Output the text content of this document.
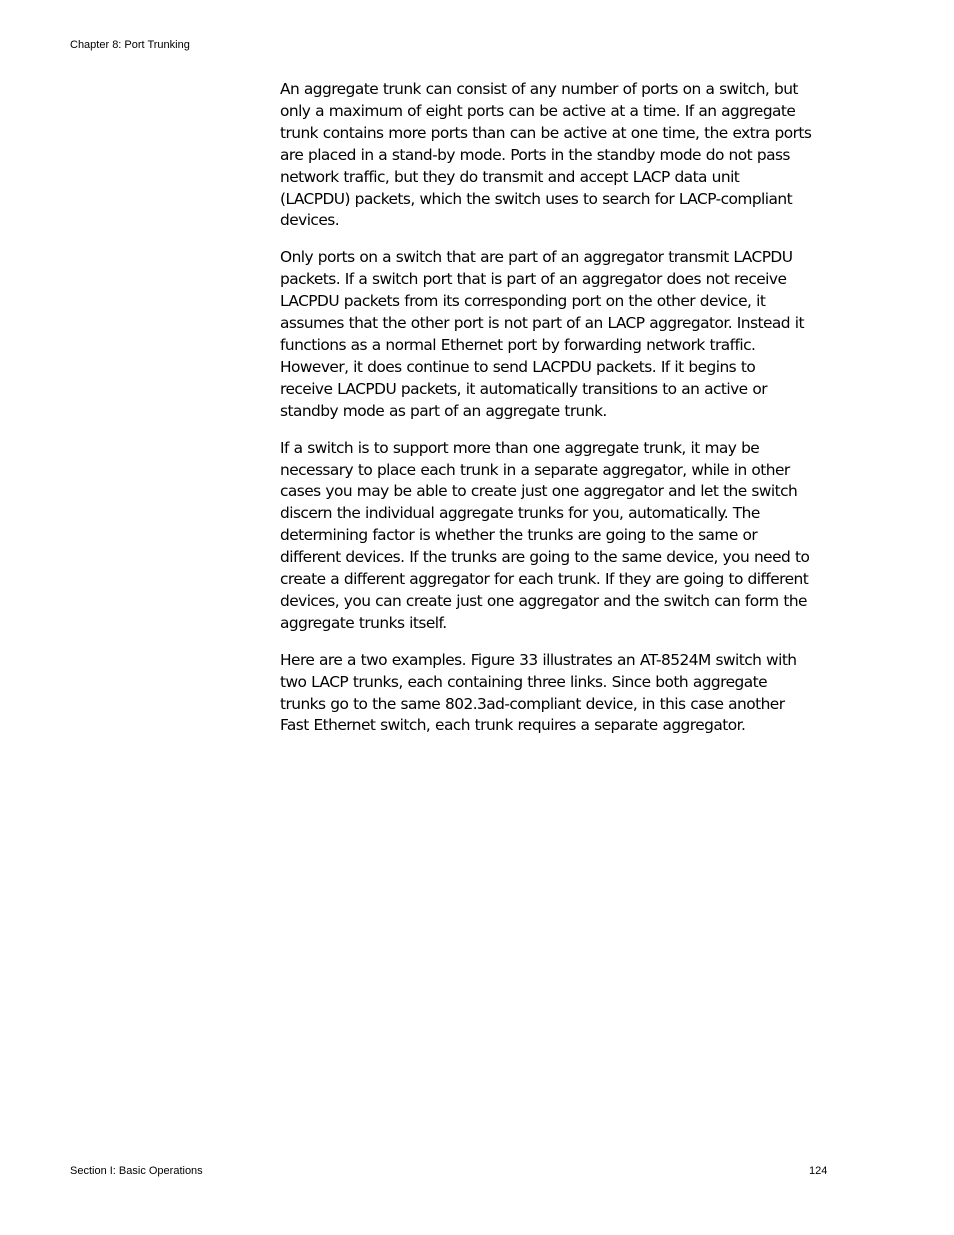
Chapter 8: Port Trunking

An aggregate trunk can consist of any number of ports on a switch, but
only a maximum of eight ports can be active at a time. If an aggregate
trunk contains more ports than can be active at one time, the extra ports
are placed in a stand-by mode. Ports in the standby mode do not pass
network traffic, but they do transmit and accept LACP data unit
(LACPDU) packets, which the switch uses to search for LACP-compliant
devices.

Only ports on a switch that are part of an aggregator transmit LACPDU
packets. If a switch port that is part of an aggregator does not receive
LACPDU packets from its corresponding port on the other device, it
assumes that the other port is not part of an LACP aggregator. Instead it
functions as a normal Ethernet port by forwarding network traffic.
However, it does continue to send LACPDU packets. If it begins to
receive LACPDU packets, it automatically transitions to an active or
standby mode as part of an aggregate trunk.

If a switch is to support more than one aggregate trunk, it may be
necessary to place each trunk in a separate aggregator, while in other
cases you may be able to create just one aggregator and let the switch
discern the individual aggregate trunks for you, automatically. The
determining factor is whether the trunks are going to the same or
different devices. If the trunks are going to the same device, you need to
create a different aggregator for each trunk. If they are going to different
devices, you can create just one aggregator and the switch can form the
aggregate trunks itself.

Here are a two examples. Figure 33 illustrates an AT-8524M switch with
two LACP trunks, each containing three links. Since both aggregate
trunks go to the same 802.3ad-compliant device, in this case another
Fast Ethernet switch, each trunk requires a separate aggregator.

Section I: Basic Operations	124
